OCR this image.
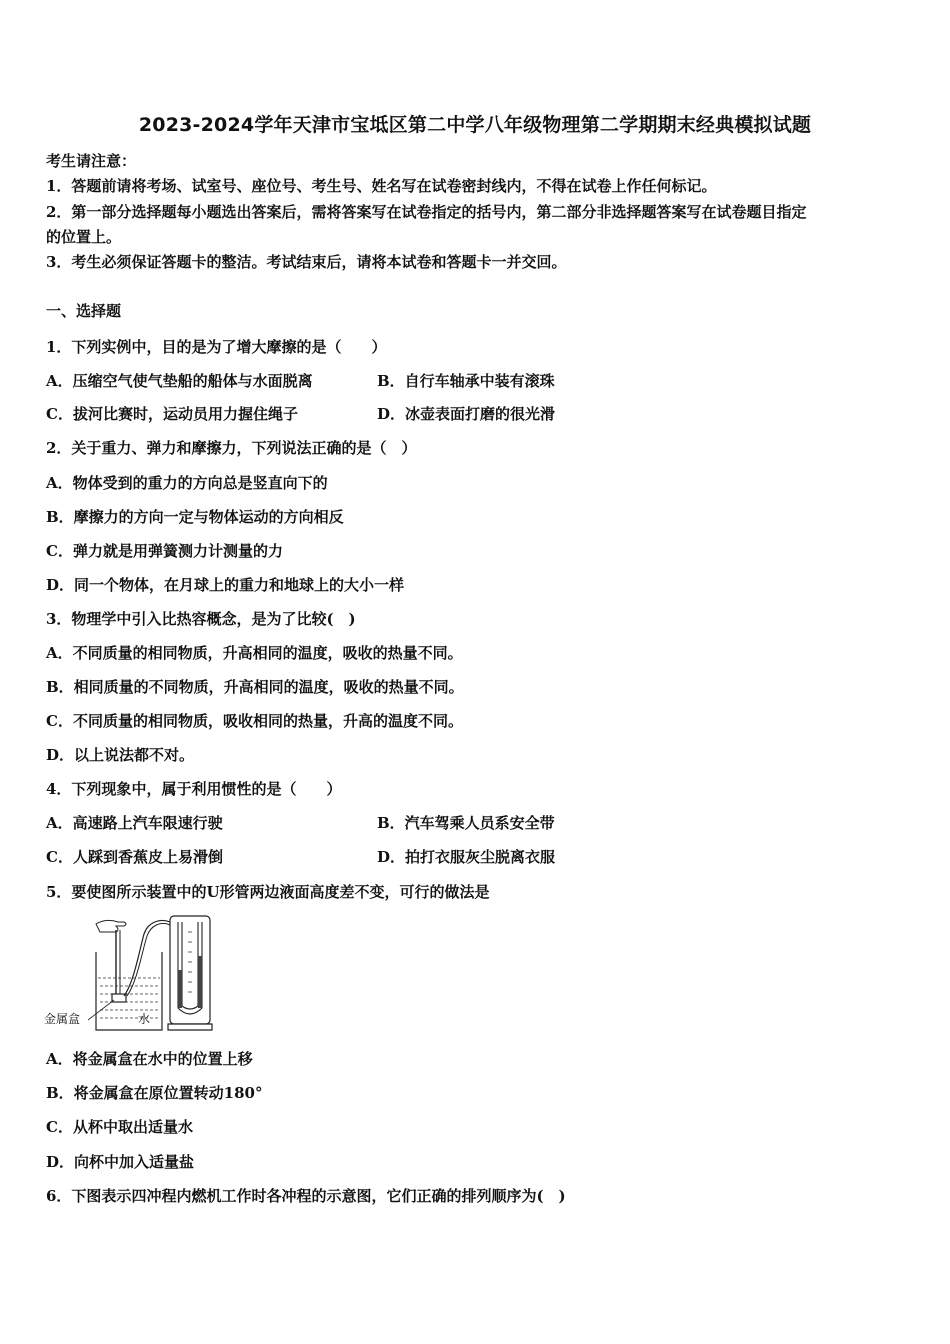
2023-2024学年天津市宝坻区第二中学八年级物理第二学期期末经典模拟试题
考生请注意：
1．答题前请将考场、试室号、座位号、考生号、姓名写在试卷密封线内，不得在试卷上作任何标记。
2．第一部分选择题每小题选出答案后，需将答案写在试卷指定的括号内，第二部分非选择题答案写在试卷题目指定
的位置上。
3．考生必须保证答题卡的整洁。考试结束后，请将本试卷和答题卡一并交回。
一、选择题
1．下列实例中，目的是为了增大摩擦的是（　　）
A．压缩空气使气垫船的船体与水面脱离	B．自行车轴承中装有滚珠
C．拔河比赛时，运动员用力握住绳子	D．冰壶表面打磨的很光滑
2．关于重力、弹力和摩擦力，下列说法正确的是（　）
A．物体受到的重力的方向总是竖直向下的
B．摩擦力的方向一定与物体运动的方向相反
C．弹力就是用弹簧测力计测量的力
D．同一个物体，在月球上的重力和地球上的大小一样
3．物理学中引入比热容概念，是为了比较(　)
A．不同质量的相同物质，升高相同的温度，吸收的热量不同。
B．相同质量的不同物质，升高相同的温度，吸收的热量不同。
C．不同质量的相同物质，吸收相同的热量，升高的温度不同。
D．以上说法都不对。
4．下列现象中，属于利用惯性的是（　　）
A．高速路上汽车限速行驶	B．汽车驾乘人员系安全带
C．人踩到香蕉皮上易滑倒	D．拍打衣服灰尘脱离衣服
5．要使图所示装置中的U形管两边液面高度差不变，可行的做法是
金属盒	水
A．将金属盒在水中的位置上移
B．将金属盒在原位置转动180°
C．从杯中取出适量水
D．向杯中加入适量盐
6．下图表示四冲程内燃机工作时各冲程的示意图，它们正确的排列顺序为(　)
